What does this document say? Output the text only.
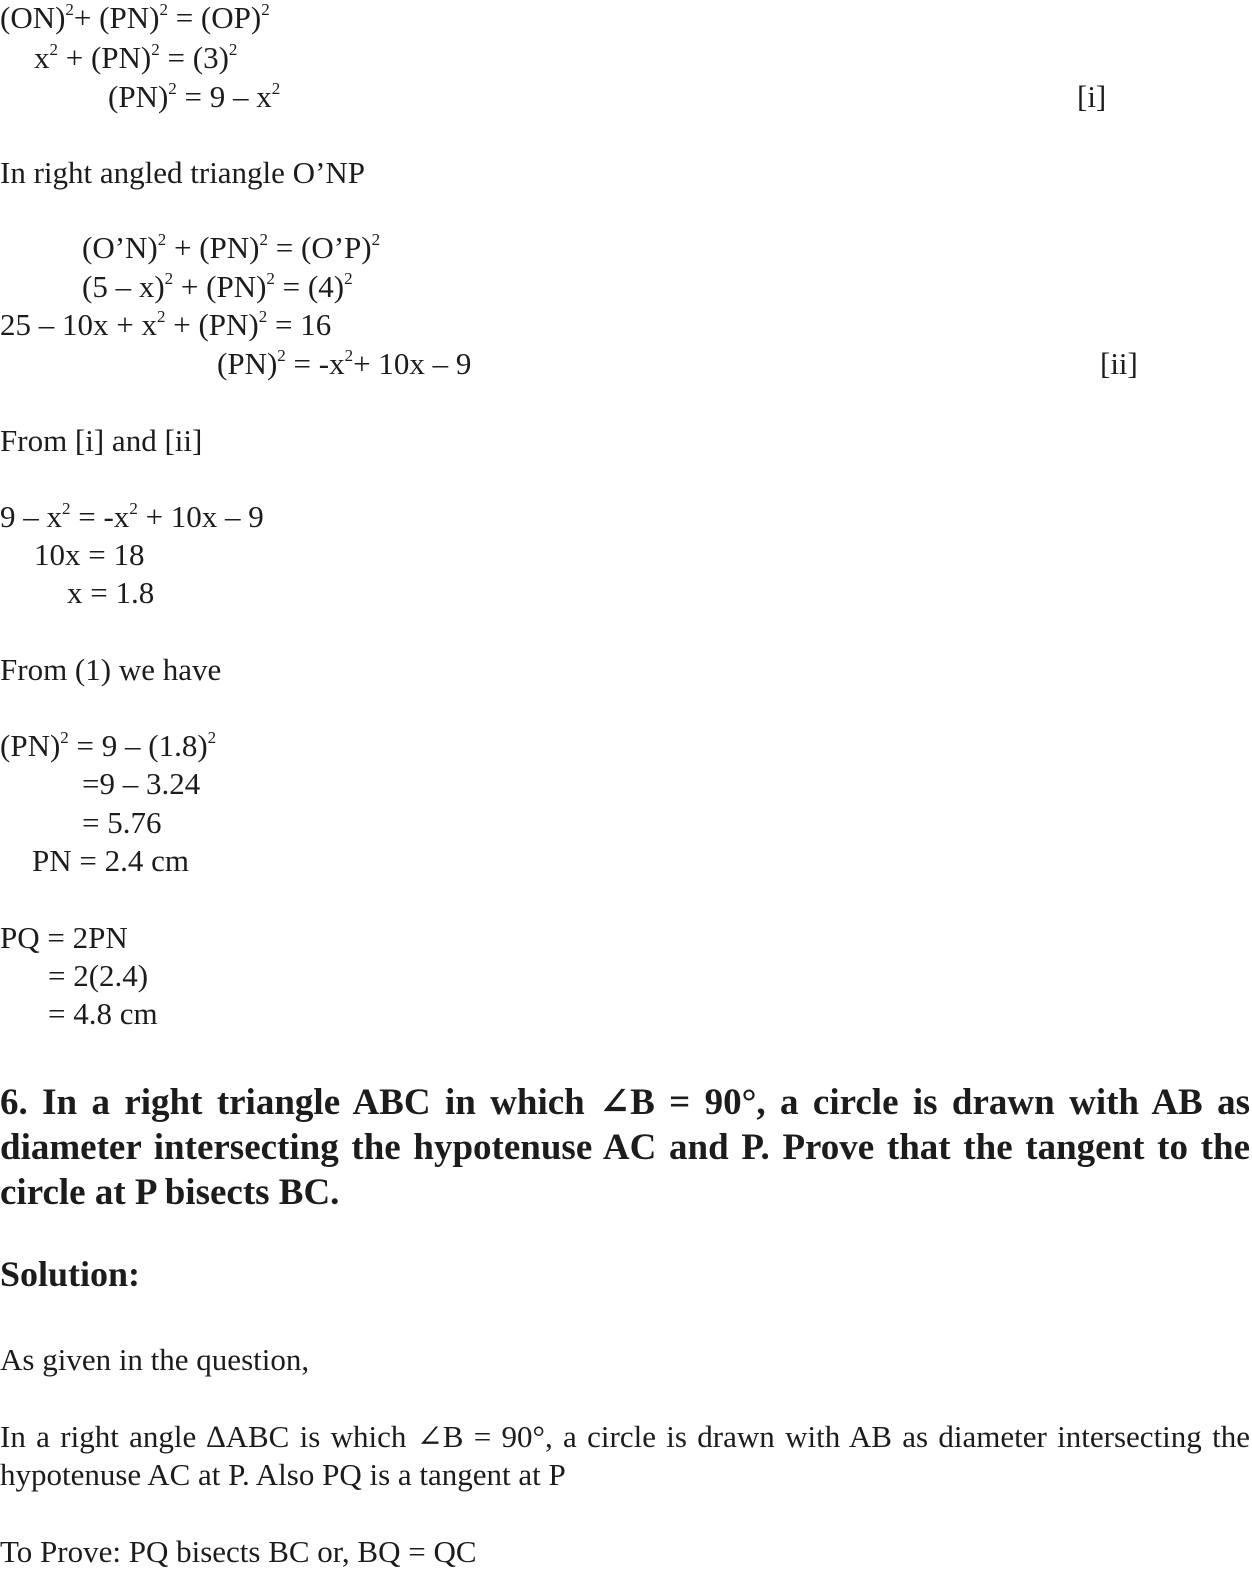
(ON)$^2$+ (PN)$^2$ = (OP)$^2$
$x^2 + (PN)^2 = (3)^2$
$(PN)^2 = 9 - x^2$	[i]
In right angled triangle O’NP
(O’N)$^2$ + (PN)$^2$ = (O’P)$^2$
$(5 - x)^2 + (PN)^2 = (4)^2$
$25 - 10x + x^2 + (PN)^2 = 16$
$(PN)^2 = -x^2+ 10x - 9$	[ii]
From [i] and [ii]
$9 - x^2 = -x^2 + 10x - 9$
10x = 18
x = 1.8
From (1) we have
$(PN)^2 = 9 - (1.8)^2$
=9 – 3.24
= 5.76
PN = 2.4 cm
PQ = 2PN
= 2(2.4)
= 4.8 cm
6. In a right triangle ABC in which ∠B = 90°, a circle is drawn with AB as diameter intersecting the hypotenuse AC and P. Prove that the tangent to the circle at P bisects BC.
Solution:
As given in the question,
In a right angle ∆ABC is which ∠B = 90°, a circle is drawn with AB as diameter intersecting the hypotenuse AC at P. Also PQ is a tangent at P
To Prove: PQ bisects BC or, BQ = QC
